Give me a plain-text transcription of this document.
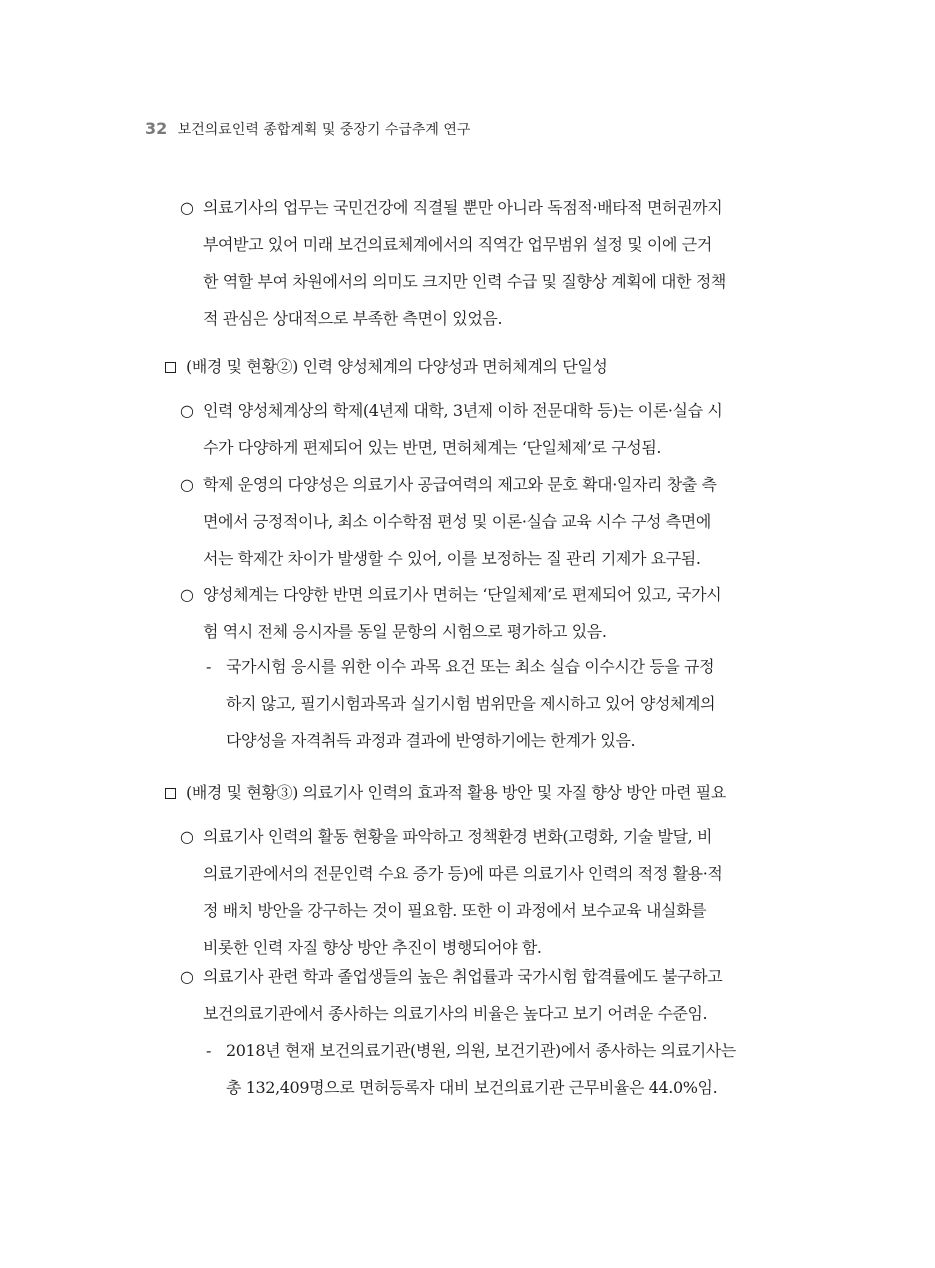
32 보건의료인력 종합계획 및 중장기 수급추계 연구
○ 의료기사의 업무는 국민건강에 직결될 뿐만 아니라 독점적·배타적 면허권까지
부여받고 있어 미래 보건의료체계에서의 직역간 업무범위 설정 및 이에 근거
한 역할 부여 차원에서의 의미도 크지만 인력 수급 및 질향상 계획에 대한 정책
적 관심은 상대적으로 부족한 측면이 있었음.
(배경 및 현황②) 인력 양성체계의 다양성과 면허체계의 단일성
○ 인력 양성체계상의 학제(4년제 대학, 3년제 이하 전문대학 등)는 이론·실습 시
수가 다양하게 편제되어 있는 반면, 면허체계는 ‘단일체제’로 구성됨.
○ 학제 운영의 다양성은 의료기사 공급여력의 제고와 문호 확대·일자리 창출 측
면에서 긍정적이나, 최소 이수학점 편성 및 이론·실습 교육 시수 구성 측면에
서는 학제간 차이가 발생할 수 있어, 이를 보정하는 질 관리 기제가 요구됨.
○ 양성체계는 다양한 반면 의료기사 면허는 ‘단일체제’로 편제되어 있고, 국가시
험 역시 전체 응시자를 동일 문항의 시험으로 평가하고 있음.
- 국가시험 응시를 위한 이수 과목 요건 또는 최소 실습 이수시간 등을 규정
하지 않고, 필기시험과목과 실기시험 범위만을 제시하고 있어 양성체계의
다양성을 자격취득 과정과 결과에 반영하기에는 한계가 있음.
(배경 및 현황③) 의료기사 인력의 효과적 활용 방안 및 자질 향상 방안 마련 필요
○ 의료기사 인력의 활동 현황을 파악하고 정책환경 변화(고령화, 기술 발달, 비
의료기관에서의 전문인력 수요 증가 등)에 따른 의료기사 인력의 적정 활용·적
정 배치 방안을 강구하는 것이 필요함. 또한 이 과정에서 보수교육 내실화를
비롯한 인력 자질 향상 방안 추진이 병행되어야 함.
○ 의료기사 관련 학과 졸업생들의 높은 취업률과 국가시험 합격률에도 불구하고
보건의료기관에서 종사하는 의료기사의 비율은 높다고 보기 어려운 수준임.
- 2018년 현재 보건의료기관(병원, 의원, 보건기관)에서 종사하는 의료기사는
총 132,409명으로 면허등록자 대비 보건의료기관 근무비율은 44.0%임.
